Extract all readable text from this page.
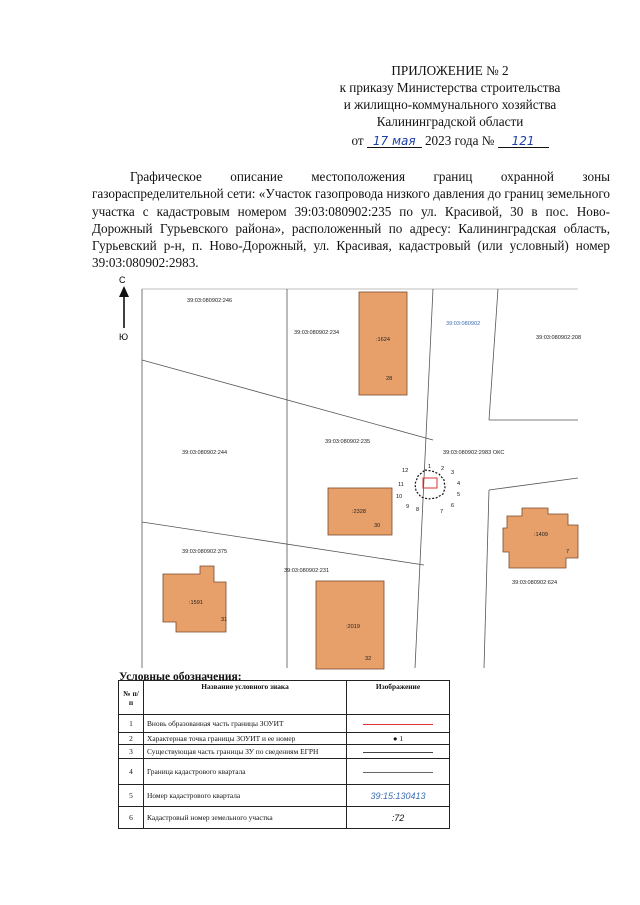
ПРИЛОЖЕНИЕ № 2
к приказу Министерства строительства
и жилищно-коммунального хозяйства
Калининградской области
от 17 мая 2023 года № 121

Графическое описание местоположения границ охранной зоны газораспределительной сети: «Участок газопровода низкого давления до границ земельного участка с кадастровым номером 39:03:080902:235 по ул. Красивой, 30 в пос. Ново-Дорожный Гурьевского района», расположенный по адресу: Калининградская область, Гурьевский р-н, п. Ново-Дорожный, ул. Красивая, кадастровый (или условный) номер 39:03:080902:2983.

С
Ю
39:03:080902:246
39:03:080902:234
39:03:080902:208
39:03:080902:244
39:03:080902:235
39:03:080902:2983 ОКС
39:03:080902:375
39:03:080902:231
39:03:080902:624
39:03:080902
:1624
28
:2328
30
:1409
7
:1591
31
:2019
32
1 2
3
4
5
6
7
8
9
10
11
12
Условные обозначения:
№ п/ п	Название условного знака	Изображение
1	Вновь образованная часть границы ЗОУИТ	
2	Характерная точка границы ЗОУИТ и ее номер	● 1
3	Существующая часть границы ЗУ по сведениям ЕГРН	
4	Граница кадастрового квартала	
5	Номер кадастрового квартала	39:15:130413
6	Кадастровый номер земельного участка	:72
